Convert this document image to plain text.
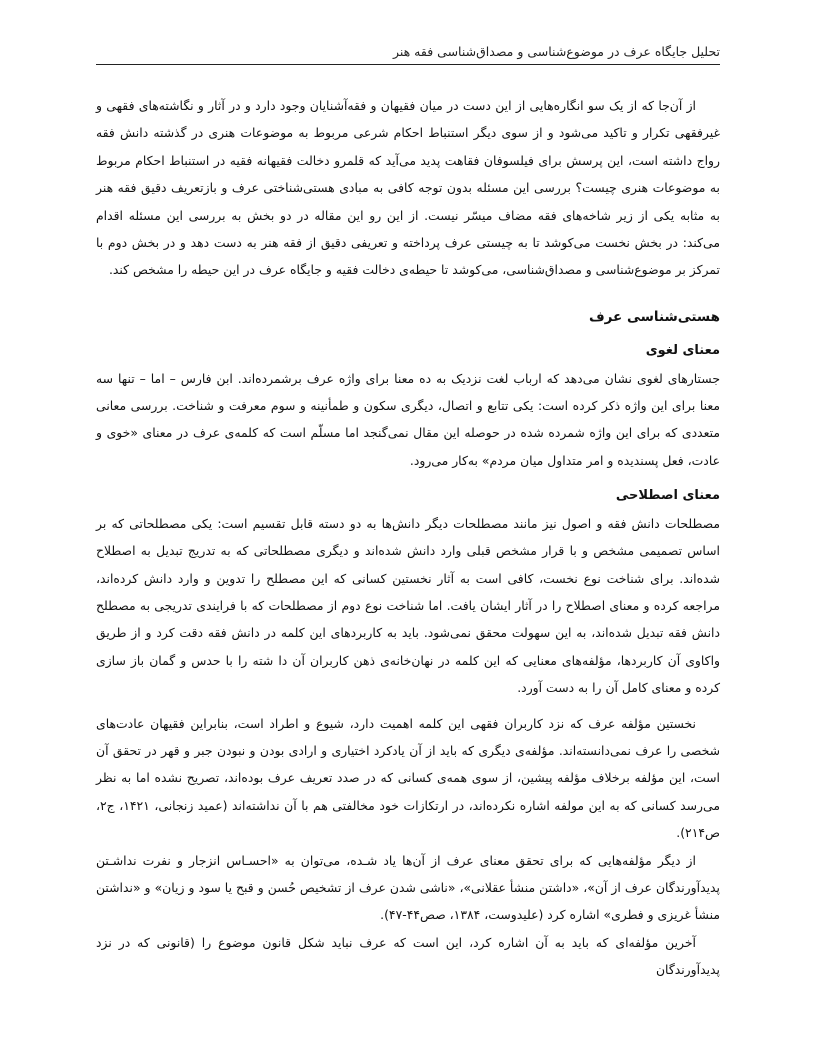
تحلیل جایگاه عرف در موضوع‌شناسی و مصداق‌شناسی فقه هنر

از آن‌جا که از یک سو انگاره‌هایی از این دست در میان فقیهان و فقه‌آشنایان وجود دارد و در آثار و نگاشته‌های فقهی و غیرفقهی تکرار و تاکید می‌شود و از سوی دیگر استنباط احکام شرعی مربوط به موضوعات هنری در گذشته دانش فقه رواج داشته است، این پرسش برای فیلسوفان فقاهت پدید می‌آید که قلمرو دخالت فقیهانه فقیه در استنباط احکام مربوط به موضوعات هنری چیست؟ بررسی این مسئله بدون توجه کافی به مبادی هستی‌شناختی عرف و بازتعریف دقیق فقه هنر به مثابه یکی از زیر شاخه‌های فقه مضاف میسّر نیست. از این رو این مقاله در دو بخش به بررسی این مسئله اقدام می‌کند: در بخش نخست می‌کوشد تا به چیستی عرف پرداخته و تعریفی دقیق از فقه هنر به دست دهد و در بخش دوم با تمرکز بر موضوع‌شناسی و مصداق‌شناسی، می‌کوشد تا حیطه‌ی دخالت فقیه و جایگاه عرف در این حیطه را مشخص کند.

هستی‌شناسی عرف

معنای لغوی

جستارهای لغوی نشان می‌دهد که ارباب لغت نزدیک به ده معنا برای واژه عرف برشمرده‌اند. ابن فارس – اما – تنها سه معنا برای این واژه ذکر کرده است: یکی تتابع و اتصال، دیگری سکون و طمأنینه و سوم معرفت و شناخت. بررسی معانی متعددی که برای این واژه شمرده شده در حوصله این مقال نمی‌گنجد اما مسلّم است که کلمه‌ی عرف در معنای «خوی و عادت، فعل پسندیده و امر متداول میان مردم» به‌کار می‌رود.

معنای اصطلاحی

مصطلحات دانش فقه و اصول نیز مانند مصطلحات دیگر دانش‌ها به دو دسته قابل تقسیم است: یکی مصطلحاتی که بر اساس تصمیمی مشخص و با قرار مشخص قبلی وارد دانش شده‌اند و دیگری مصطلحاتی که به تدریج تبدیل به اصطلاح شده‌اند. برای شناخت نوع نخست، کافی است به آثار نخستین کسانی که این مصطلح را تدوین و وارد دانش کرده‌اند، مراجعه کرده و معنای اصطلاح را در آثار ایشان یافت. اما شناخت نوع دوم از مصطلحات که با فرایندی تدریجی به مصطلح دانش فقه تبدیل شده‌اند، به این سهولت محقق نمی‌شود. باید به کاربردهای این کلمه در دانش فقه دقت کرد و از طریق واکاوی آن کاربردها، مؤلفه‌های معنایی که این کلمه در نهان‌خانه‌ی ذهن کاربران آن دا شته را با حدس و گمان باز سازی کرده و معنای کامل آن را به دست آورد.

نخستین مؤلفه عرف که نزد کاربران فقهی این کلمه اهمیت دارد، شیوع و اطراد است، بنابراین فقیهان عادت‌های شخصی را عرف نمی‌دانسته‌اند. مؤلفه‌ی دیگری که باید از آن یادکرد اختیاری و ارادی بودن و نبودن جبر و قهر در تحقق آن است، این مؤلفه برخلاف مؤلفه پیشین، از سوی همه‌ی کسانی که در صدد تعریف عرف بوده‌اند، تصریح نشده اما به نظر می‌رسد کسانی که به این مولفه اشاره نکرده‌اند، در ارتکازات خود مخالفتی هم با آن نداشته‌اند (عمید زنجانی، ۱۴۲۱، ج۲، ص۲۱۴).

از دیگر مؤلفه‌هایی که برای تحقق معنای عرف از آن‌ها یاد شـده، می‌توان به «احسـاس انزجار و نفرت نداشـتن پدیدآورندگان عرف از آن»، «داشتن منشأ عقلانی»، «ناشی شدن عرف از تشخیص حُسن و قبح یا سود و زیان» و «نداشتن منشأ غریزی و فطری» اشاره کرد (علیدوست، ۱۳۸۴، صص۴۴-۴۷).

آخرین مؤلفه‌ای که باید به آن اشاره کرد، این است که عرف نباید شکل قانون موضوع را (قانونی که در نزد پدیدآورندگان
